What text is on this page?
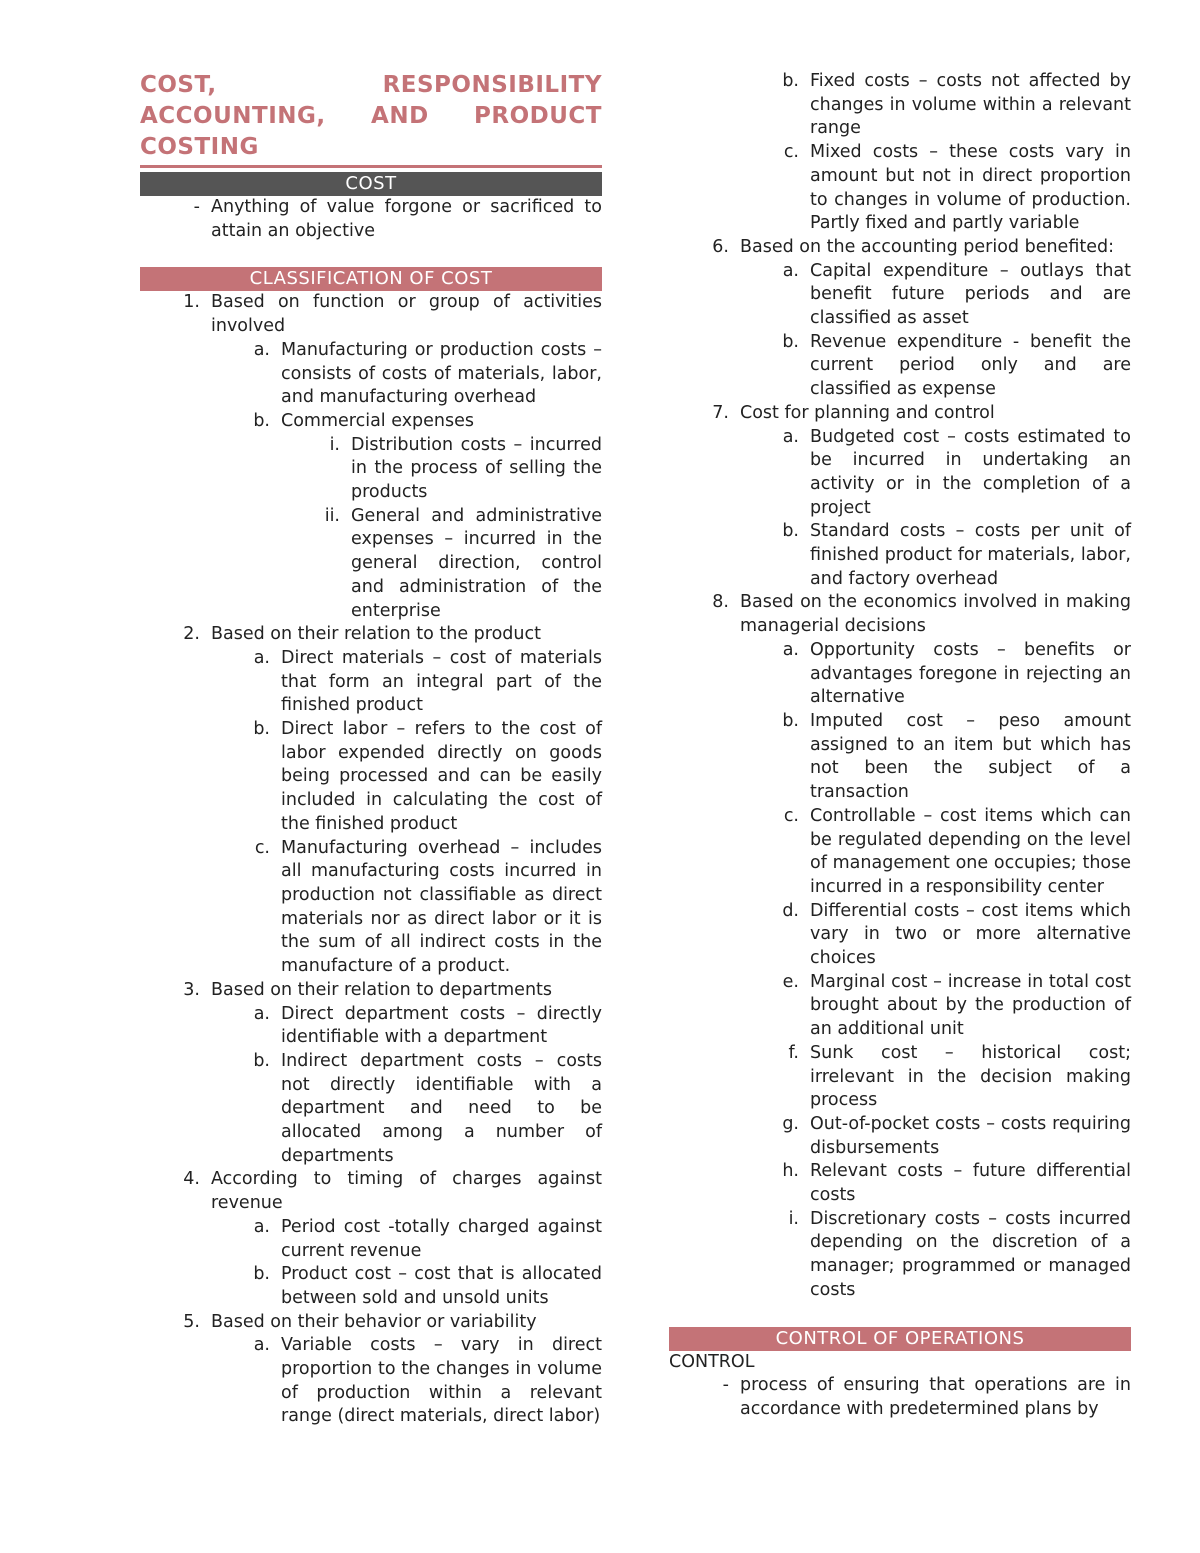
COST, RESPONSIBILITY ACCOUNTING, AND PRODUCT COSTING
COST
- Anything of value forgone or sacrificed to attain an objective
CLASSIFICATION OF COST
1. Based on function or group of activities involved
a. Manufacturing or production costs – consists of costs of materials, labor, and manufacturing overhead
b. Commercial expenses
i. Distribution costs – incurred in the process of selling the products
ii. General and administrative expenses – incurred in the general direction, control and administration of the enterprise
2. Based on their relation to the product
a. Direct materials – cost of materials that form an integral part of the finished product
b. Direct labor – refers to the cost of labor expended directly on goods being processed and can be easily included in calculating the cost of the finished product
c. Manufacturing overhead – includes all manufacturing costs incurred in production not classifiable as direct materials nor as direct labor or it is the sum of all indirect costs in the manufacture of a product.
3. Based on their relation to departments
a. Direct department costs – directly identifiable with a department
b. Indirect department costs – costs not directly identifiable with a department and need to be allocated among a number of departments
4. According to timing of charges against revenue
a. Period cost -totally charged against current revenue
b. Product cost – cost that is allocated between sold and unsold units
5. Based on their behavior or variability
a. Variable costs – vary in direct proportion to the changes in volume of production within a relevant range (direct materials, direct labor)
b. Fixed costs – costs not affected by changes in volume within a relevant range
c. Mixed costs – these costs vary in amount but not in direct proportion to changes in volume of production. Partly fixed and partly variable
6. Based on the accounting period benefited:
a. Capital expenditure – outlays that benefit future periods and are classified as asset
b. Revenue expenditure - benefit the current period only and are classified as expense
7. Cost for planning and control
a. Budgeted cost – costs estimated to be incurred in undertaking an activity or in the completion of a project
b. Standard costs – costs per unit of finished product for materials, labor, and factory overhead
8. Based on the economics involved in making managerial decisions
a. Opportunity costs – benefits or advantages foregone in rejecting an alternative
b. Imputed cost – peso amount assigned to an item but which has not been the subject of a transaction
c. Controllable – cost items which can be regulated depending on the level of management one occupies; those incurred in a responsibility center
d. Differential costs – cost items which vary in two or more alternative choices
e. Marginal cost – increase in total cost brought about by the production of an additional unit
f. Sunk cost – historical cost; irrelevant in the decision making process
g. Out-of-pocket costs – costs requiring disbursements
h. Relevant costs – future differential costs
i. Discretionary costs – costs incurred depending on the discretion of a manager; programmed or managed costs
CONTROL OF OPERATIONS
CONTROL
- process of ensuring that operations are in accordance with predetermined plans by
